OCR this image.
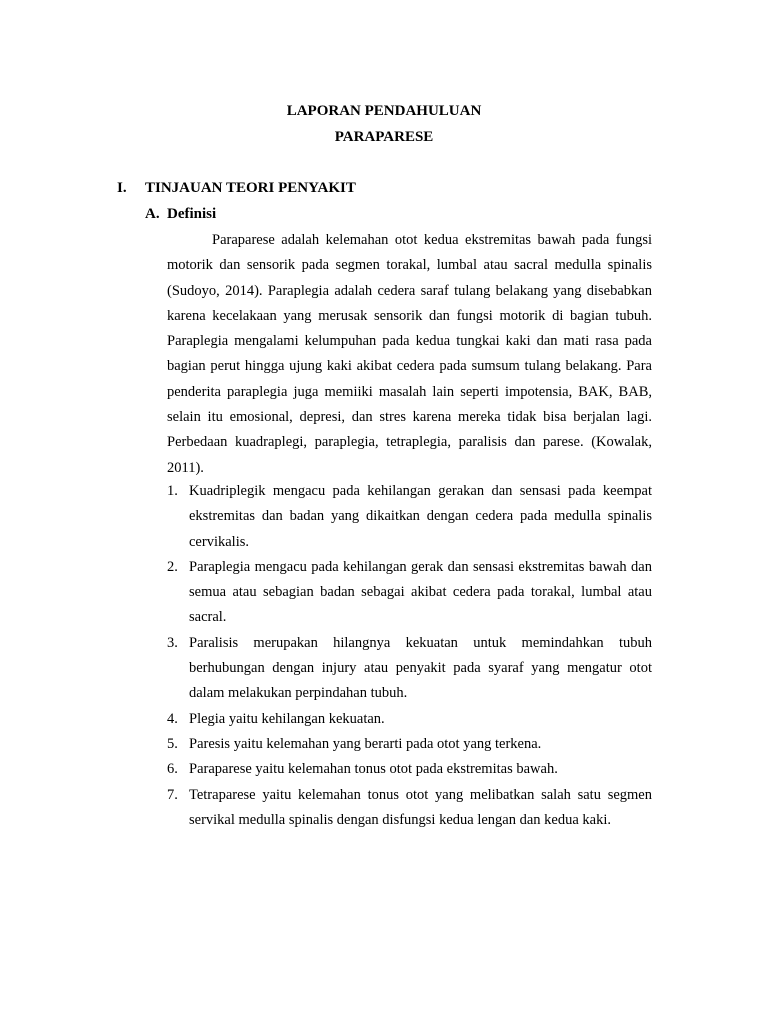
LAPORAN PENDAHULUAN
PARAPARESE
I. TINJAUAN TEORI PENYAKIT
A. Definisi

Paraparese adalah kelemahan otot kedua ekstremitas bawah pada fungsi motorik dan sensorik pada segmen torakal, lumbal atau sacral medulla spinalis (Sudoyo, 2014). Paraplegia adalah cedera saraf tulang belakang yang disebabkan karena kecelakaan yang merusak sensorik dan fungsi motorik di bagian tubuh. Paraplegia mengalami kelumpuhan pada kedua tungkai kaki dan mati rasa pada bagian perut hingga ujung kaki akibat cedera pada sumsum tulang belakang. Para penderita paraplegia juga memiiki masalah lain seperti impotensia, BAK, BAB, selain itu emosional, depresi, dan stres karena mereka tidak bisa berjalan lagi. Perbedaan kuadraplegi, paraplegia, tetraplegia, paralisis dan parese. (Kowalak, 2011).

1. Kuadriplegik mengacu pada kehilangan gerakan dan sensasi pada keempat ekstremitas dan badan yang dikaitkan dengan cedera pada medulla spinalis cervikalis.
2. Paraplegia mengacu pada kehilangan gerak dan sensasi ekstremitas bawah dan semua atau sebagian badan sebagai akibat cedera pada torakal, lumbal atau sacral.
3. Paralisis merupakan hilangnya kekuatan untuk memindahkan tubuh berhubungan dengan injury atau penyakit pada syaraf yang mengatur otot dalam melakukan perpindahan tubuh.
4. Plegia yaitu kehilangan kekuatan.
5. Paresis yaitu kelemahan yang berarti pada otot yang terkena.
6. Paraparese yaitu kelemahan tonus otot pada ekstremitas bawah.
7. Tetraparese yaitu kelemahan tonus otot yang melibatkan salah satu segmen servikal medulla spinalis dengan disfungsi kedua lengan dan kedua kaki.
